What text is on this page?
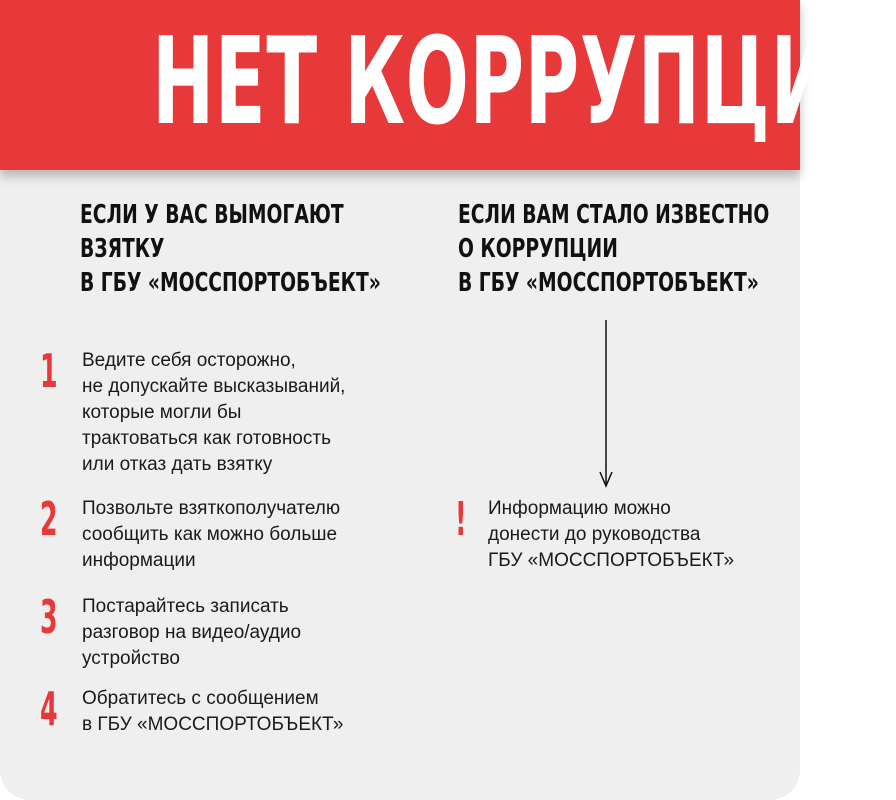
НЕТ КОРРУПЦИИ
ЕСЛИ У ВАС ВЫМОГАЮТ
ВЗЯТКУ
В ГБУ «МОССПОРТОБЪЕКТ»
ЕСЛИ ВАМ СТАЛО ИЗВЕСТНО
О КОРРУПЦИИ
В ГБУ «МОССПОРТОБЪЕКТ»
1 Ведите себя осторожно,
не допускайте высказываний,
которые могли бы
трактоваться как готовность
или отказ дать взятку
2 Позвольте взяткополучателю
сообщить как можно больше
информации
3 Постарайтесь записать
разговор на видео/аудио
устройство
4 Обратитесь с сообщением
в ГБУ «МОССПОРТОБЪЕКТ»
! Информацию можно
донести до руководства
ГБУ «МОССПОРТОБЪЕКТ»
